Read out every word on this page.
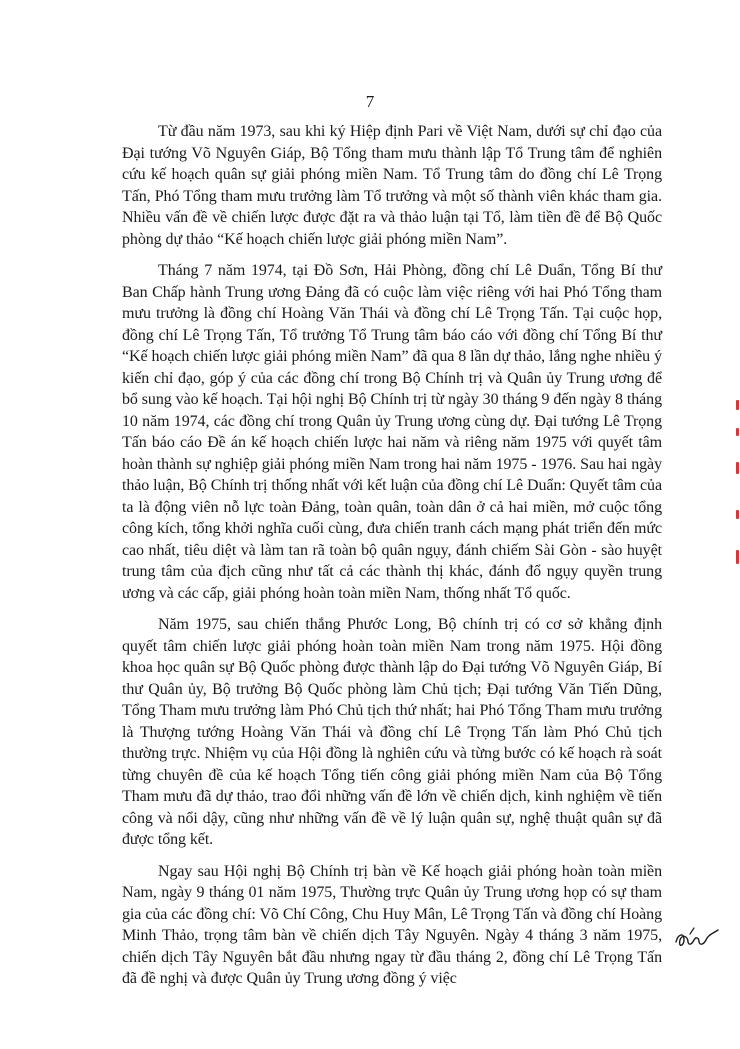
7

Từ đầu năm 1973, sau khi ký Hiệp định Pari về Việt Nam, dưới sự chỉ đạo của Đại tướng Võ Nguyên Giáp, Bộ Tổng tham mưu thành lập Tổ Trung tâm để nghiên cứu kế hoạch quân sự giải phóng miền Nam. Tổ Trung tâm do đồng chí Lê Trọng Tấn, Phó Tổng tham mưu trưởng làm Tổ trưởng và một số thành viên khác tham gia. Nhiều vấn đề về chiến lược được đặt ra và thảo luận tại Tổ, làm tiền đề để Bộ Quốc phòng dự thảo “Kế hoạch chiến lược giải phóng miền Nam”.

Tháng 7 năm 1974, tại Đồ Sơn, Hải Phòng, đồng chí Lê Duẩn, Tổng Bí thư Ban Chấp hành Trung ương Đảng đã có cuộc làm việc riêng với hai Phó Tổng tham mưu trưởng là đồng chí Hoàng Văn Thái và đồng chí Lê Trọng Tấn. Tại cuộc họp, đồng chí Lê Trọng Tấn, Tổ trưởng Tổ Trung tâm báo cáo với đồng chí Tổng Bí thư “Kế hoạch chiến lược giải phóng miền Nam” đã qua 8 lần dự thảo, lắng nghe nhiều ý kiến chỉ đạo, góp ý của các đồng chí trong Bộ Chính trị và Quân ủy Trung ương để bổ sung vào kế hoạch. Tại hội nghị Bộ Chính trị từ ngày 30 tháng 9 đến ngày 8 tháng 10 năm 1974, các đồng chí trong Quân ủy Trung ương cùng dự. Đại tướng Lê Trọng Tấn báo cáo Đề án kế hoạch chiến lược hai năm và riêng năm 1975 với quyết tâm hoàn thành sự nghiệp giải phóng miền Nam trong hai năm 1975 - 1976. Sau hai ngày thảo luận, Bộ Chính trị thống nhất với kết luận của đồng chí Lê Duẩn: Quyết tâm của ta là động viên nỗ lực toàn Đảng, toàn quân, toàn dân ở cả hai miền, mở cuộc tổng công kích, tổng khởi nghĩa cuối cùng, đưa chiến tranh cách mạng phát triển đến mức cao nhất, tiêu diệt và làm tan rã toàn bộ quân ngụy, đánh chiếm Sài Gòn - sào huyệt trung tâm của địch cũng như tất cả các thành thị khác, đánh đổ ngụy quyền trung ương và các cấp, giải phóng hoàn toàn miền Nam, thống nhất Tổ quốc.

Năm 1975, sau chiến thắng Phước Long, Bộ chính trị có cơ sở khẳng định quyết tâm chiến lược giải phóng hoàn toàn miền Nam trong năm 1975. Hội đồng khoa học quân sự Bộ Quốc phòng được thành lập do Đại tướng Võ Nguyên Giáp, Bí thư Quân ủy, Bộ trưởng Bộ Quốc phòng làm Chủ tịch; Đại tướng Văn Tiến Dũng, Tổng Tham mưu trưởng làm Phó Chủ tịch thứ nhất; hai Phó Tổng Tham mưu trưởng là Thượng tướng Hoàng Văn Thái và đồng chí Lê Trọng Tấn làm Phó Chủ tịch thường trực. Nhiệm vụ của Hội đồng là nghiên cứu và từng bước có kế hoạch rà soát từng chuyên đề của kế hoạch Tổng tiến công giải phóng miền Nam của Bộ Tổng Tham mưu đã dự thảo, trao đổi những vấn đề lớn về chiến dịch, kinh nghiệm về tiến công và nổi dậy, cũng như những vấn đề về lý luận quân sự, nghệ thuật quân sự đã được tổng kết.

Ngay sau Hội nghị Bộ Chính trị bàn về Kế hoạch giải phóng hoàn toàn miền Nam, ngày 9 tháng 01 năm 1975, Thường trực Quân ủy Trung ương họp có sự tham gia của các đồng chí: Võ Chí Công, Chu Huy Mân, Lê Trọng Tấn và đồng chí Hoàng Minh Thảo, trọng tâm bàn về chiến dịch Tây Nguyên. Ngày 4 tháng 3 năm 1975, chiến dịch Tây Nguyên bắt đầu nhưng ngay từ đầu tháng 2, đồng chí Lê Trọng Tấn đã đề nghị và được Quân ủy Trung ương đồng ý việc
